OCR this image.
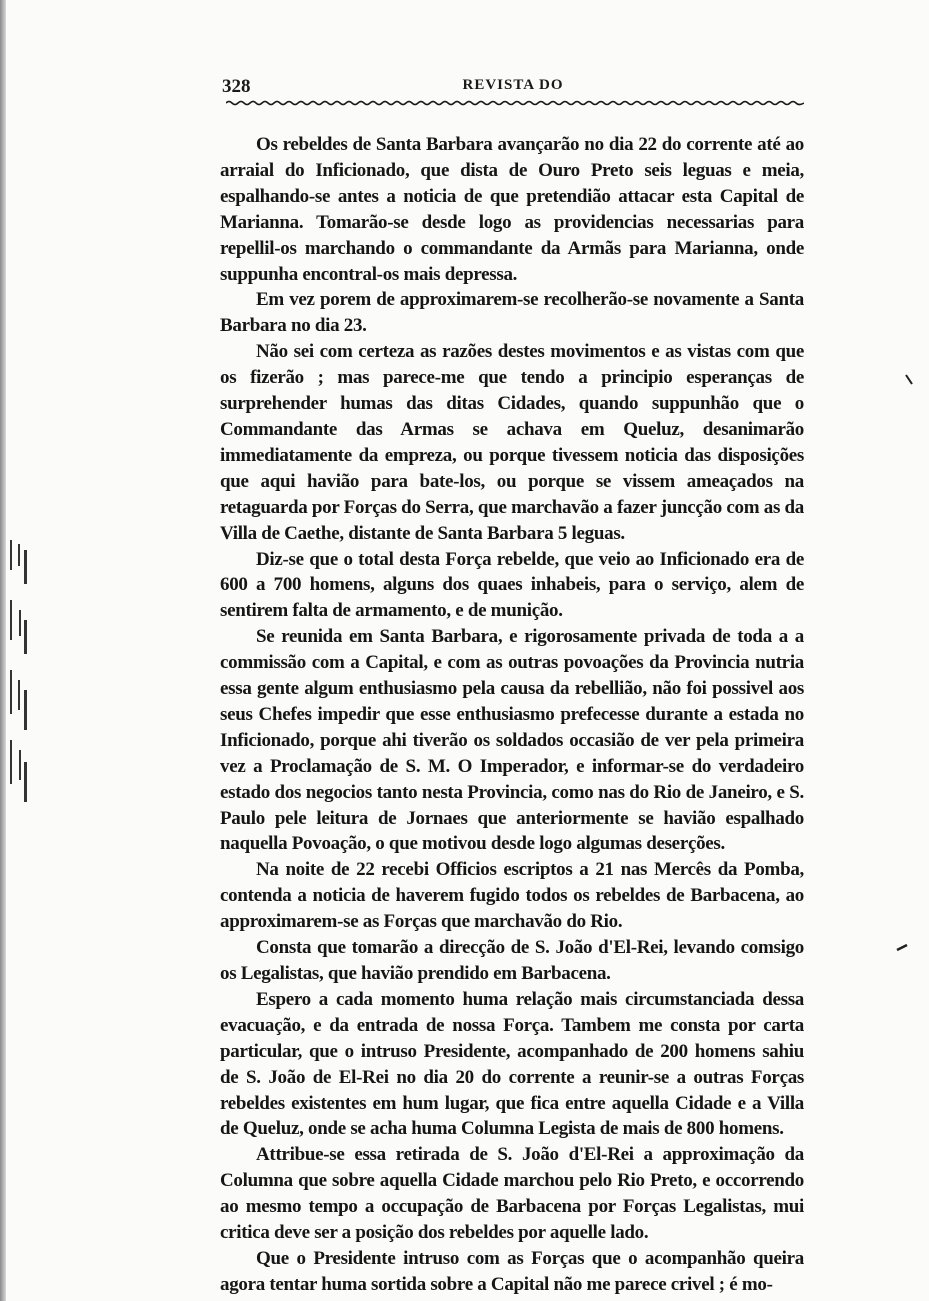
328	REVISTA DO

Os rebeldes de Santa Barbara avançarão no dia 22 do corrente até ao arraial do Inficionado, que dista de Ouro Preto seis leguas e meia, espalhando-se antes a noticia de que pretendião attacar esta Capital de Marianna. Tomarão-se desde logo as providencias necessarias para repellil-os marchando o commandante da Armãs para Marianna, onde suppunha encontral-os mais depressa.

Em vez porem de approximarem-se recolherão-se novamente a Santa Barbara no dia 23.

Não sei com certeza as razões destes movimentos e as vistas com que os fizerão ; mas parece-me que tendo a principio esperanças de surprehender humas das ditas Cidades, quando suppunhão que o Commandante das Armas se achava em Queluz, desanimarão immediatamente da empreza, ou porque tivessem noticia das disposições que aqui havião para bate-los, ou porque se vissem ameaçados na retaguarda por Forças do Serra, que marchavão a fazer juncção com as da Villa de Caethe, distante de Santa Barbara 5 leguas.

Diz-se que o total desta Força rebelde, que veio ao Inficionado era de 600 a 700 homens, alguns dos quaes inhabeis, para o serviço, alem de sentirem falta de armamento, e de munição.

Se reunida em Santa Barbara, e rigorosamente privada de toda a a commissão com a Capital, e com as outras povoações da Provincia nutria essa gente algum enthusiasmo pela causa da rebellião, não foi possivel aos seus Chefes impedir que esse enthusiasmo prefecesse durante a estada no Inficionado, porque ahi tiverão os soldados occasião de ver pela primeira vez a Proclamação de S. M. O Imperador, e informar-se do verdadeiro estado dos negocios tanto nesta Provincia, como nas do Rio de Janeiro, e S. Paulo pele leitura de Jornaes que anteriormente se havião espalhado naquella Povoação, o que motivou desde logo algumas deserções.

Na noite de 22 recebi Officios escriptos a 21 nas Mercês da Pomba, contenda a noticia de haverem fugido todos os rebeldes de Barbacena, ao approximarem-se as Forças que marchavão do Rio.

Consta que tomarão a direcção de S. João d'El-Rei, levando comsigo os Legalistas, que havião prendido em Barbacena.

Espero a cada momento huma relação mais circumstanciada dessa evacuação, e da entrada de nossa Força. Tambem me consta por carta particular, que o intruso Presidente, acompanhado de 200 homens sahiu de S. João de El-Rei no dia 20 do corrente a reunir-se a outras Forças rebeldes existentes em hum lugar, que fica entre aquella Cidade e a Villa de Queluz, onde se acha huma Columna Legista de mais de 800 homens.

Attribue-se essa retirada de S. João d'El-Rei a approximação da Columna que sobre aquella Cidade marchou pelo Rio Preto, e occorrendo ao mesmo tempo a occupação de Barbacena por Forças Legalistas, mui critica deve ser a posição dos rebeldes por aquelle lado.

Que o Presidente intruso com as Forças que o acompanhão queira agora tentar huma sortida sobre a Capital não me parece crivel ; é mo-
